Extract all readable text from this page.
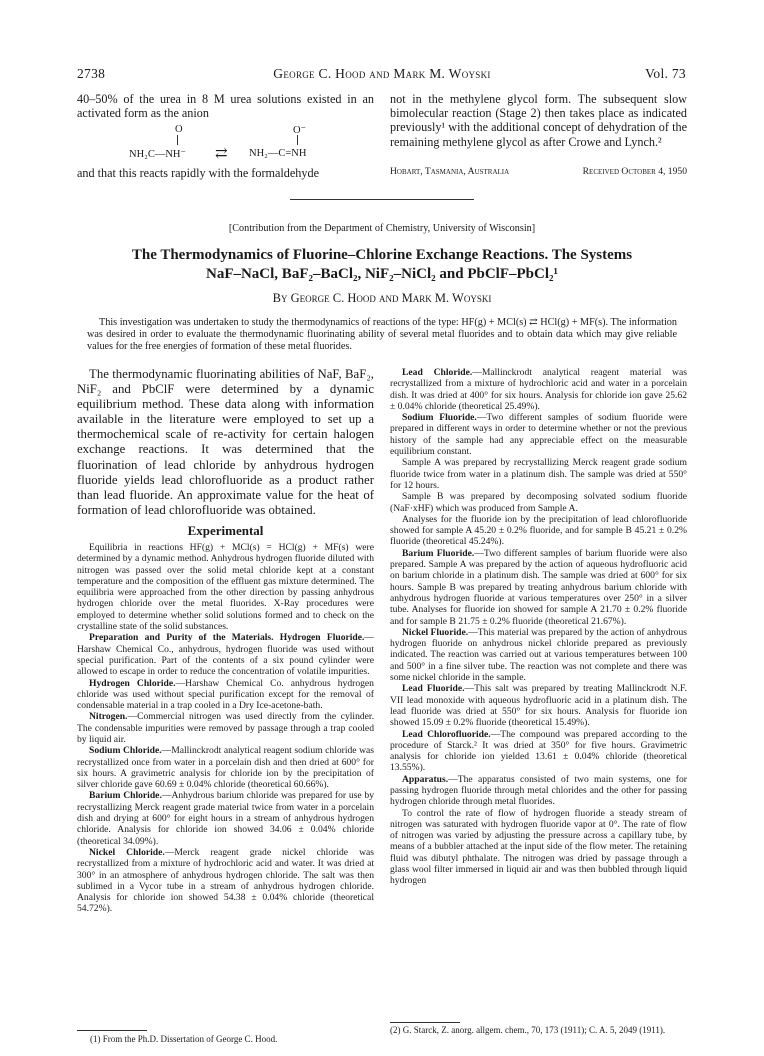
2738	George C. Hood and Mark M. Woyski	Vol. 73

40–50% of the urea in 8 M urea solutions existed in an activated form as the anion

O	O⁻
NH₂C—NH⁻ ⇄ NH₂—C=NH

and that this reacts rapidly with the formaldehyde

not in the methylene glycol form. The subsequent slow bimolecular reaction (Stage 2) then takes place as indicated previously¹ with the additional concept of dehydration of the remaining methylene glycol as after Crowe and Lynch.²

Hobart, Tasmania, Australia	Received October 4, 1950
[Contribution from the Department of Chemistry, University of Wisconsin]
The Thermodynamics of Fluorine–Chlorine Exchange Reactions. The Systems
NaF–NaCl, BaF₂–BaCl₂, NiF₂–NiCl₂ and PbClF–PbCl₂¹
By George C. Hood and Mark M. Woyski

This investigation was undertaken to study the thermodynamics of reactions of the type: HF(g) + MCl(s) ⇄ HCl(g) + MF(s). The information was desired in order to evaluate the thermodynamic fluorinating ability of several metal fluorides and to obtain data which may give reliable values for the free energies of formation of these metal fluorides.

The thermodynamic fluorinating abilities of NaF, BaF₂, NiF₂ and PbClF were determined by a dynamic equilibrium method. These data along with information available in the literature were employed to set up a thermochemical scale of re-activity for certain halogen exchange reactions. It was determined that the fluorination of lead chloride by anhydrous hydrogen fluoride yields lead chlorofluoride as a product rather than lead fluoride. An approximate value for the heat of formation of lead chlorofluoride was obtained.

Experimental

Equilibria in reactions HF(g) + MCl(s) = HCl(g) + MF(s) were determined by a dynamic method. Anhydrous hydrogen fluoride diluted with nitrogen was passed over the solid metal chloride kept at a constant temperature and the composition of the effluent gas mixture determined. The equilibria were approached from the other direction by passing anhydrous hydrogen chloride over the metal fluorides. X-Ray procedures were employed to determine whether solid solutions formed and to check on the crystalline state of the solid substances.

Preparation and Purity of the Materials. Hydrogen Fluoride.—Harshaw Chemical Co., anhydrous, hydrogen fluoride was used without special purification. Part of the contents of a six pound cylinder were allowed to escape in order to reduce the concentration of volatile impurities.

Hydrogen Chloride.—Harshaw Chemical Co. anhydrous hydrogen chloride was used without special purification except for the removal of condensable material in a trap cooled in a Dry Ice-acetone-bath.

Nitrogen.—Commercial nitrogen was used directly from the cylinder. The condensable impurities were removed by passage through a trap cooled by liquid air.

Sodium Chloride.—Mallinckrodt analytical reagent sodium chloride was recrystallized once from water in a porcelain dish and then dried at 600° for six hours. A gravimetric analysis for chloride ion by the precipitation of silver chloride gave 60.69 ± 0.04% chloride (theoretical 60.66%).

Barium Chloride.—Anhydrous barium chloride was prepared for use by recrystallizing Merck reagent grade material twice from water in a porcelain dish and drying at 600° for eight hours in a stream of anhydrous hydrogen chloride. Analysis for chloride ion showed 34.06 ± 0.04% chloride (theoretical 34.09%).

Nickel Chloride.—Merck reagent grade nickel chloride was recrystallized from a mixture of hydrochloric acid and water. It was dried at 300° in an atmosphere of anhydrous hydrogen chloride. The salt was then sublimed in a Vycor tube in a stream of anhydrous hydrogen chloride. Analysis for chloride ion showed 54.38 ± 0.04% chloride (theoretical 54.72%).

(1) From the Ph.D. Dissertation of George C. Hood.

Lead Chloride.—Mallinckrodt analytical reagent material was recrystallized from a mixture of hydrochloric acid and water in a porcelain dish. It was dried at 400° for six hours. Analysis for chloride ion gave 25.62 ± 0.04% chloride (theoretical 25.49%).

Sodium Fluoride.—Two different samples of sodium fluoride were prepared in different ways in order to determine whether or not the previous history of the sample had any appreciable effect on the measurable equilibrium constant.

Sample A was prepared by recrystallizing Merck reagent grade sodium fluoride twice from water in a platinum dish. The sample was dried at 550° for 12 hours.

Sample B was prepared by decomposing solvated sodium fluoride (NaF·xHF) which was produced from Sample A.

Analyses for the fluoride ion by the precipitation of lead chlorofluoride showed for sample A 45.20 ± 0.2% fluoride, and for sample B 45.21 ± 0.2% fluoride (theoretical 45.24%).

Barium Fluoride.—Two different samples of barium fluoride were also prepared. Sample A was prepared by the action of aqueous hydrofluoric acid on barium chloride in a platinum dish. The sample was dried at 600° for six hours. Sample B was prepared by treating anhydrous barium chloride with anhydrous hydrogen fluoride at various temperatures over 250° in a silver tube. Analyses for fluoride ion showed for sample A 21.70 ± 0.2% fluoride and for sample B 21.75 ± 0.2% fluoride (theoretical 21.67%).

Nickel Fluoride.—This material was prepared by the action of anhydrous hydrogen fluoride on anhydrous nickel chloride prepared as previously indicated. The reaction was carried out at various temperatures between 100 and 500° in a fine silver tube. The reaction was not complete and there was some nickel chloride in the sample.

Lead Fluoride.—This salt was prepared by treating Mallinckrodt N.F. VII lead monoxide with aqueous hydrofluoric acid in a platinum dish. The lead fluoride was dried at 550° for six hours. Analysis for fluoride ion showed 15.09 ± 0.2% fluoride (theoretical 15.49%).

Lead Chlorofluoride.—The compound was prepared according to the procedure of Starck.² It was dried at 350° for five hours. Gravimetric analysis for chloride ion yielded 13.61 ± 0.04% chloride (theoretical 13.55%).

Apparatus.—The apparatus consisted of two main systems, one for passing hydrogen fluoride through metal chlorides and the other for passing hydrogen chloride through metal fluorides.

To control the rate of flow of hydrogen fluoride a steady stream of nitrogen was saturated with hydrogen fluoride vapor at 0°. The rate of flow of nitrogen was varied by adjusting the pressure across a capillary tube, by means of a bubbler attached at the input side of the flow meter. The retaining fluid was dibutyl phthalate. The nitrogen was dried by passage through a glass wool filter immersed in liquid air and was then bubbled through liquid hydrogen

(2) G. Starck, Z. anorg. allgem. chem., 70, 173 (1911); C. A. 5, 2049 (1911).
